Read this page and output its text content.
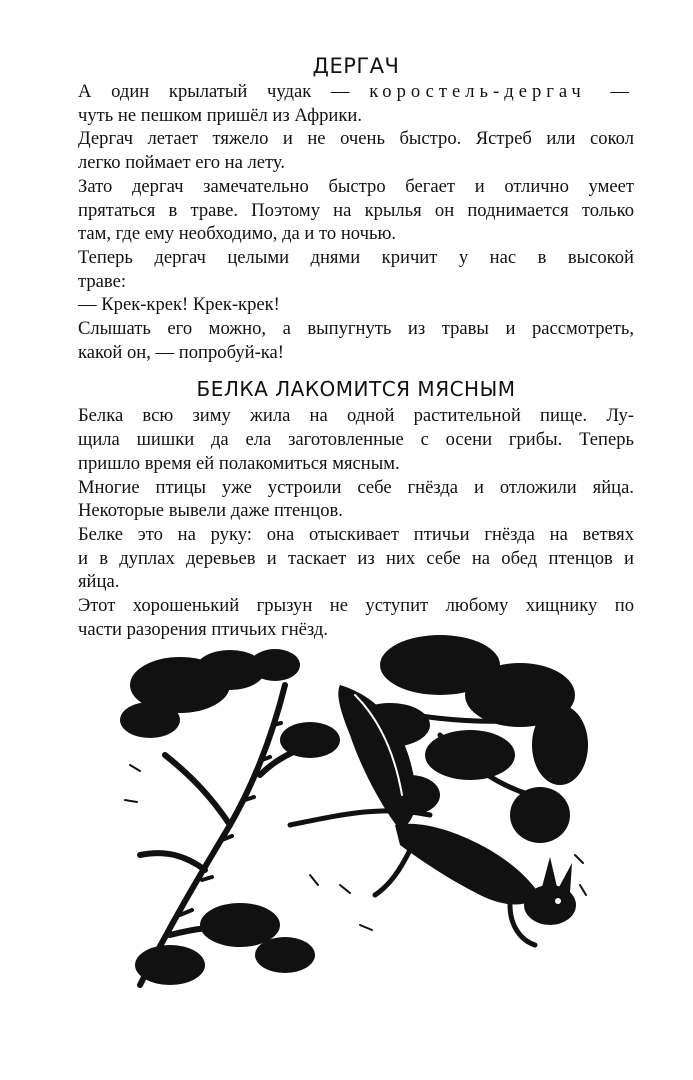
ДЕРГАЧ

А один крылатый чудак — коростель-дергач —
чуть не пешком пришёл из Африки.

Дергач летает тяжело и не очень быстро. Ястреб или сокол
легко поймает его на лету.

Зато дергач замечательно быстро бегает и отлично умеет
прятаться в траве. Поэтому на крылья он поднимается только
там, где ему необходимо, да и то ночью.

Теперь дергач целыми днями кричит у нас в высокой
траве:

— Крек-крек! Крек-крек!

Слышать его можно, а выпугнуть из травы и рассмотреть,
какой он, — попробуй-ка!

БЕЛКА ЛАКОМИТСЯ МЯСНЫМ

Белка всю зиму жила на одной растительной пище. Лу-
щила шишки да ела заготовленные с осени грибы. Теперь
пришло время ей полакомиться мясным.

Многие птицы уже устроили себе гнёзда и отложили яйца.
Некоторые вывели даже птенцов.

Белке это на руку: она отыскивает птичьи гнёзда на ветвях
и в дуплах деревьев и таскает из них себе на обед птенцов и
яйца.

Этот хорошенький грызун не уступит любому хищнику по
части разорения птичьих гнёзд.
